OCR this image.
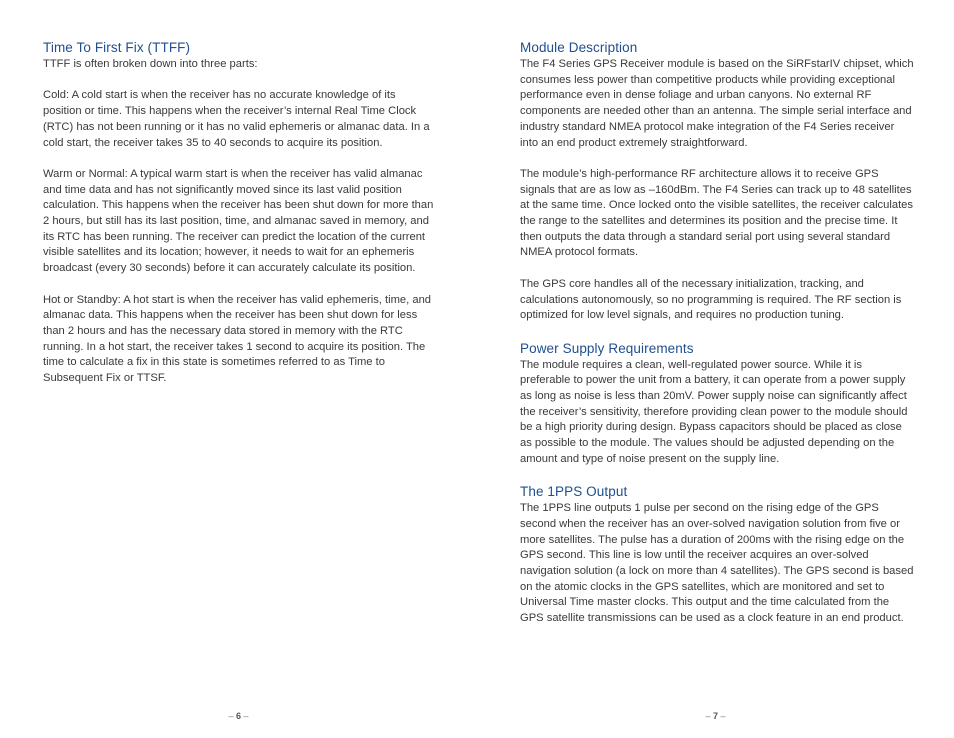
Time To First Fix (TTFF)

TTFF is often broken down into three parts:

Cold: A cold start is when the receiver has no accurate knowledge of its position or time. This happens when the receiver’s internal Real Time Clock (RTC) has not been running or it has no valid ephemeris or almanac data. In a cold start, the receiver takes 35 to 40 seconds to acquire its position.

Warm or Normal: A typical warm start is when the receiver has valid almanac and time data and has not significantly moved since its last valid position calculation. This happens when the receiver has been shut down for more than 2 hours, but still has its last position, time, and almanac saved in memory, and its RTC has been running. The receiver can predict the location of the current visible satellites and its location; however, it needs to wait for an ephemeris broadcast (every 30 seconds) before it can accurately calculate its position.

Hot or Standby: A hot start is when the receiver has valid ephemeris, time, and almanac data. This happens when the receiver has been shut down for less than 2 hours and has the necessary data stored in memory with the RTC running. In a hot start, the receiver takes 1 second to acquire its position. The time to calculate a fix in this state is sometimes referred to as Time to Subsequent Fix or TTSF.

– 6 –
Module Description

The F4 Series GPS Receiver module is based on the SiRFstarIV chipset, which consumes less power than competitive products while providing exceptional performance even in dense foliage and urban canyons. No external RF components are needed other than an antenna. The simple serial interface and industry standard NMEA protocol make integration of the F4 Series receiver into an end product extremely straightforward.

The module’s high-performance RF architecture allows it to receive GPS signals that are as low as –160dBm. The F4 Series can track up to 48 satellites at the same time. Once locked onto the visible satellites, the receiver calculates the range to the satellites and determines its position and the precise time. It then outputs the data through a standard serial port using several standard NMEA protocol formats.

The GPS core handles all of the necessary initialization, tracking, and calculations autonomously, so no programming is required. The RF section is optimized for low level signals, and requires no production tuning.

Power Supply Requirements

The module requires a clean, well-regulated power source. While it is preferable to power the unit from a battery, it can operate from a power supply as long as noise is less than 20mV. Power supply noise can significantly affect the receiver’s sensitivity, therefore providing clean power to the module should be a high priority during design. Bypass capacitors should be placed as close as possible to the module. The values should be adjusted depending on the amount and type of noise present on the supply line.

The 1PPS Output

The 1PPS line outputs 1 pulse per second on the rising edge of the GPS second when the receiver has an over-solved navigation solution from five or more satellites. The pulse has a duration of 200ms with the rising edge on the GPS second. This line is low until the receiver acquires an over-solved navigation solution (a lock on more than 4 satellites). The GPS second is based on the atomic clocks in the GPS satellites, which are monitored and set to Universal Time master clocks. This output and the time calculated from the GPS satellite transmissions can be used as a clock feature in an end product.

– 7 –
